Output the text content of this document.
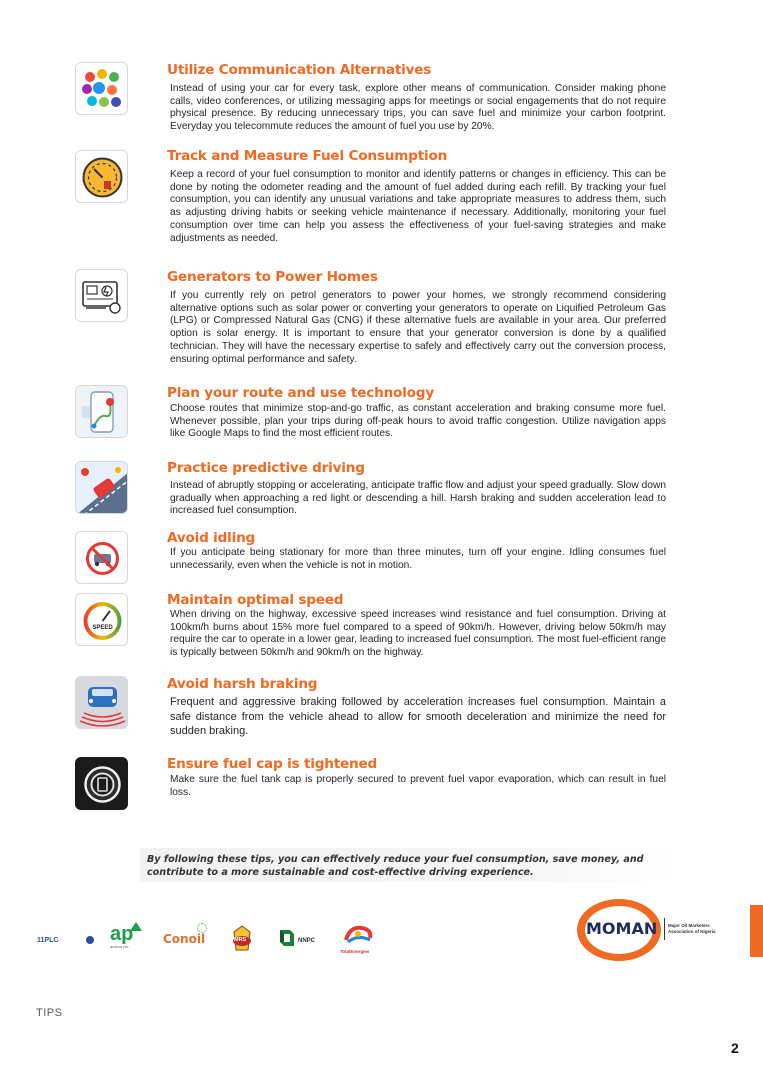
Utilize Communication Alternatives

Instead of using your car for every task, explore other means of communication. Consider making phone calls, video conferences, or utilizing messaging apps for meetings or social engagements that do not require physical presence. By reducing unnecessary trips, you can save fuel and minimize your carbon footprint. Everyday you telecommute reduces the amount of fuel you use by 20%.

Track and Measure Fuel Consumption

Keep a record of your fuel consumption to monitor and identify patterns or changes in efficiency. This can be done by noting the odometer reading and the amount of fuel added during each refill. By tracking your fuel consumption, you can identify any unusual variations and take appropriate measures to address them, such as adjusting driving habits or seeking vehicle maintenance if necessary. Additionally, monitoring your fuel consumption over time can help you assess the effectiveness of your fuel-saving strategies and make adjustments as needed.

Generators to Power Homes

If you currently rely on petrol generators to power your homes, we strongly recommend considering alternative options such as solar power or converting your generators to operate on Liquified Petroleum Gas (LPG) or Compressed Natural Gas (CNG) if these alternative fuels are available in your area. Our preferred option is solar energy. It is important to ensure that your generator conversion is done by a qualified technician. They will have the necessary expertise to safely and effectively carry out the conversion process, ensuring optimal performance and safety.

Plan your route and use technology

Choose routes that minimize stop-and-go traffic, as constant acceleration and braking consume more fuel. Whenever possible, plan your trips during off-peak hours to avoid traffic congestion. Utilize navigation apps like Google Maps to find the most efficient routes.

Practice predictive driving

Instead of abruptly stopping or accelerating, anticipate traffic flow and adjust your speed gradually. Slow down gradually when approaching a red light or descending a hill. Harsh braking and sudden acceleration lead to increased fuel consumption.

Avoid idling

If you anticipate being stationary for more than three minutes, turn off your engine. Idling consumes fuel unnecessarily, even when the vehicle is not in motion.

SPEED
Maintain optimal speed

When driving on the highway, excessive speed increases wind resistance and fuel consumption. Driving at 100km/h burns about 15% more fuel compared to a speed of 90km/h. However, driving below 50km/h may require the car to operate in a lower gear, leading to increased fuel consumption. The most fuel-efficient range is typically between 50km/h and 90km/h on the highway.

Avoid harsh braking

Frequent and aggressive braking followed by acceleration increases fuel consumption. Maintain a safe distance from the vehicle ahead to allow for smooth deceleration and minimize the need for sudden braking.

Ensure fuel cap is tightened

Make sure the fuel tank cap is properly secured to prevent fuel vapor evaporation, which can result in fuel loss.

By following these tips, you can effectively reduce your fuel consumption, save money, and contribute to a more sustainable and cost-effective driving experience.

11PLC	ap
ardova plc
Conoil	MRS	NNPC
TotalEnergies
MOMAN Major Oil Marketers Association of Nigeria
TIPS
2
